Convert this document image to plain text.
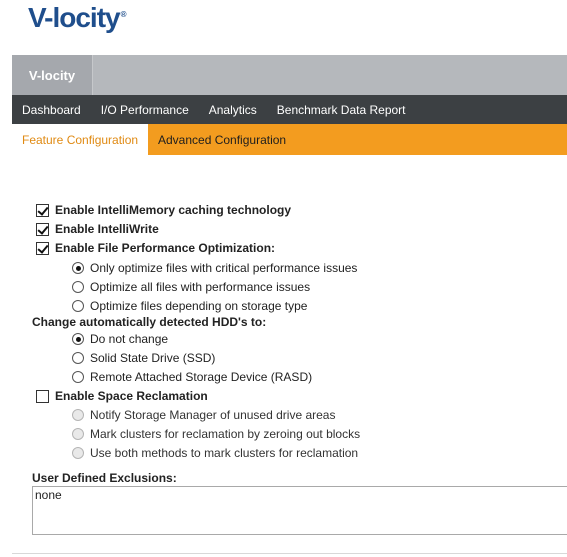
V-locity®
V-locity
Dashboard	I/O Performance	Analytics	Benchmark Data Report
Feature Configuration	Advanced Configuration
Enable IntelliMemory caching technology
Enable IntelliWrite
Enable File Performance Optimization:
Only optimize files with critical performance issues
Optimize all files with performance issues
Optimize files depending on storage type
Change automatically detected HDD's to:
Do not change
Solid State Drive (SSD)
Remote Attached Storage Device (RASD)
Enable Space Reclamation
Notify Storage Manager of unused drive areas
Mark clusters for reclamation by zeroing out blocks
Use both methods to mark clusters for reclamation
User Defined Exclusions:
none
